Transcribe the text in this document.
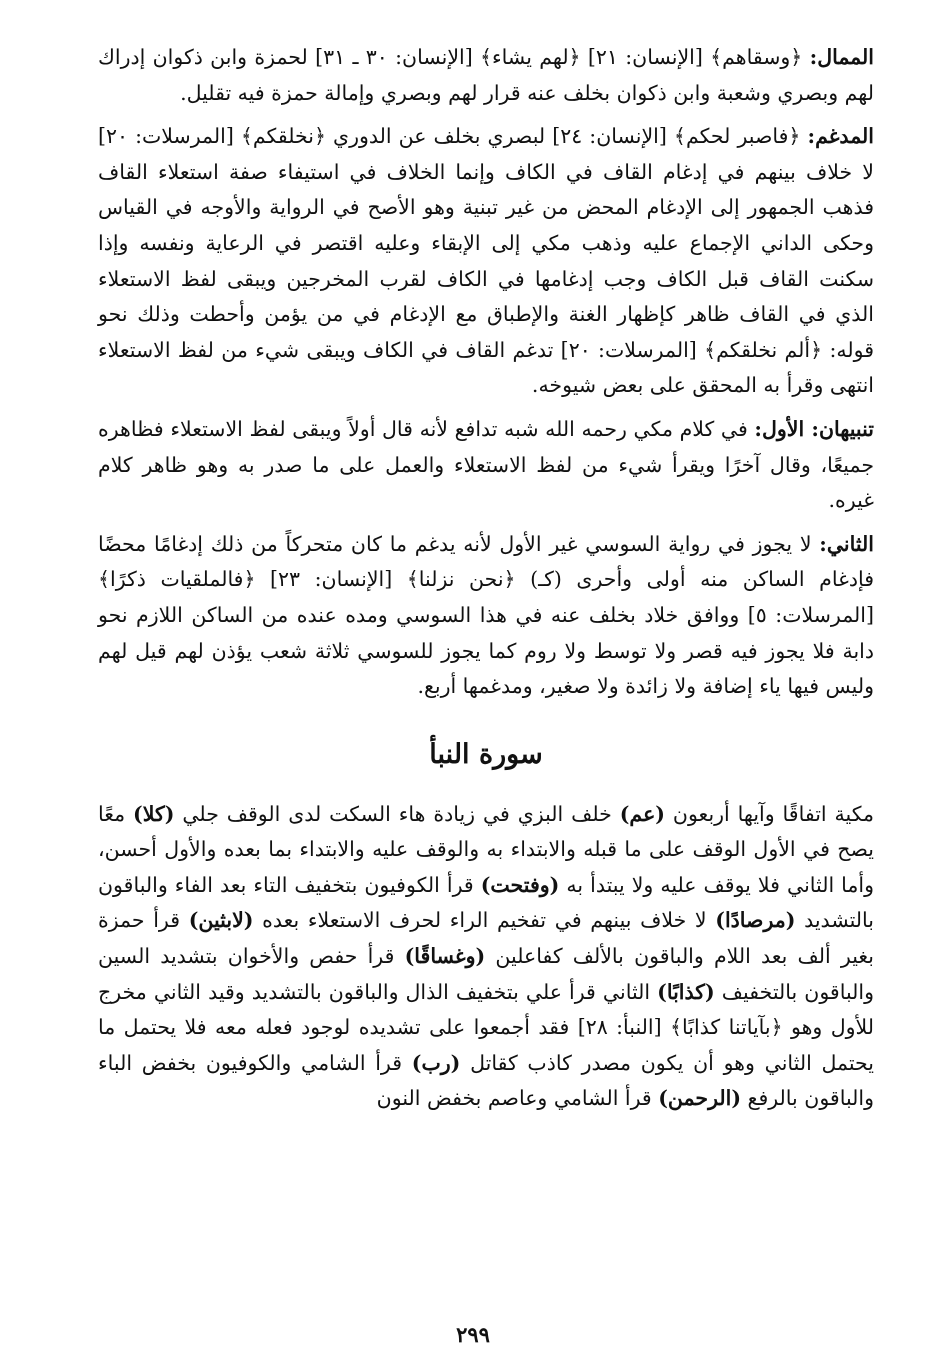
الممال: ﴿وسقاهم﴾ [الإنسان: ٢١] ﴿لهم يشاء﴾ [الإنسان: ٣٠ ـ ٣١] لحمزة وابن ذكوان إدراك لهم وبصري وشعبة وابن ذكوان بخلف عنه قرار لهم وبصري وإمالة حمزة فيه تقليل.

المدغم: ﴿فاصبر لحكم﴾ [الإنسان: ٢٤] لبصري بخلف عن الدوري ﴿نخلقكم﴾ [المرسلات: ٢٠] لا خلاف بينهم في إدغام القاف في الكاف وإنما الخلاف في استيفاء صفة استعلاء القاف فذهب الجمهور إلى الإدغام المحض من غير تبنية وهو الأصح في الرواية والأوجه في القياس وحكى الداني الإجماع عليه وذهب مكي إلى الإبقاء وعليه اقتصر في الرعاية ونفسه وإذا سكنت القاف قبل الكاف وجب إدغامها في الكاف لقرب المخرجين ويبقى لفظ الاستعلاء الذي في القاف ظاهر كإظهار الغنة والإطباق مع الإدغام في من يؤمن وأحطت وذلك نحو قوله: ﴿ألم نخلقكم﴾ [المرسلات: ٢٠] تدغم القاف في الكاف ويبقى شيء من لفظ الاستعلاء انتهى وقرأ به المحقق على بعض شيوخه.

تنبيهان: الأول: في كلام مكي رحمه الله شبه تدافع لأنه قال أولاً ويبقى لفظ الاستعلاء فظاهره جميعًا، وقال آخرًا ويقرأ شيء من لفظ الاستعلاء والعمل على ما صدر به وهو ظاهر كلام غيره.

الثاني: لا يجوز في رواية السوسي غير الأول لأنه يدغم ما كان متحركاً من ذلك إدغامًا محضًا فإدغام الساكن منه أولى وأحرى (كـ) ﴿نحن نزلنا﴾ [الإنسان: ٢٣] ﴿فالملقيات ذكرًا﴾ [المرسلات: ٥] ووافق خلاد بخلف عنه في هذا السوسي ومده عنده من الساكن اللازم نحو دابة فلا يجوز فيه قصر ولا توسط ولا روم كما يجوز للسوسي ثلاثة شعب يؤذن لهم قيل لهم وليس فيها ياء إضافة ولا زائدة ولا صغير، ومدغمها أربع.

سورة النبأ

مكية اتفاقًا وآيها أربعون (عم) خلف البزي في زيادة هاء السكت لدى الوقف جلي (كلا) معًا يصح في الأول الوقف على ما قبله والابتداء به والوقف عليه والابتداء بما بعده والأول أحسن، وأما الثاني فلا يوقف عليه ولا يبتدأ به (وفتحت) قرأ الكوفيون بتخفيف التاء بعد الفاء والباقون بالتشديد (مرصادًا) لا خلاف بينهم في تفخيم الراء لحرف الاستعلاء بعده (لابثين) قرأ حمزة بغير ألف بعد اللام والباقون بالألف كفاعلين (وغساقًا) قرأ حفص والأخوان بتشديد السين والباقون بالتخفيف (كذابًا) الثاني قرأ علي بتخفيف الذال والباقون بالتشديد وقيد الثاني مخرج للأول وهو ﴿بآياتنا كذابًا﴾ [النبأ: ٢٨] فقد أجمعوا على تشديده لوجود فعله معه فلا يحتمل ما يحتمل الثاني وهو أن يكون مصدر كاذب كقاتل (رب) قرأ الشامي والكوفيون بخفض الباء والباقون بالرفع (الرحمن) قرأ الشامي وعاصم بخفض النون

٢٩٩
